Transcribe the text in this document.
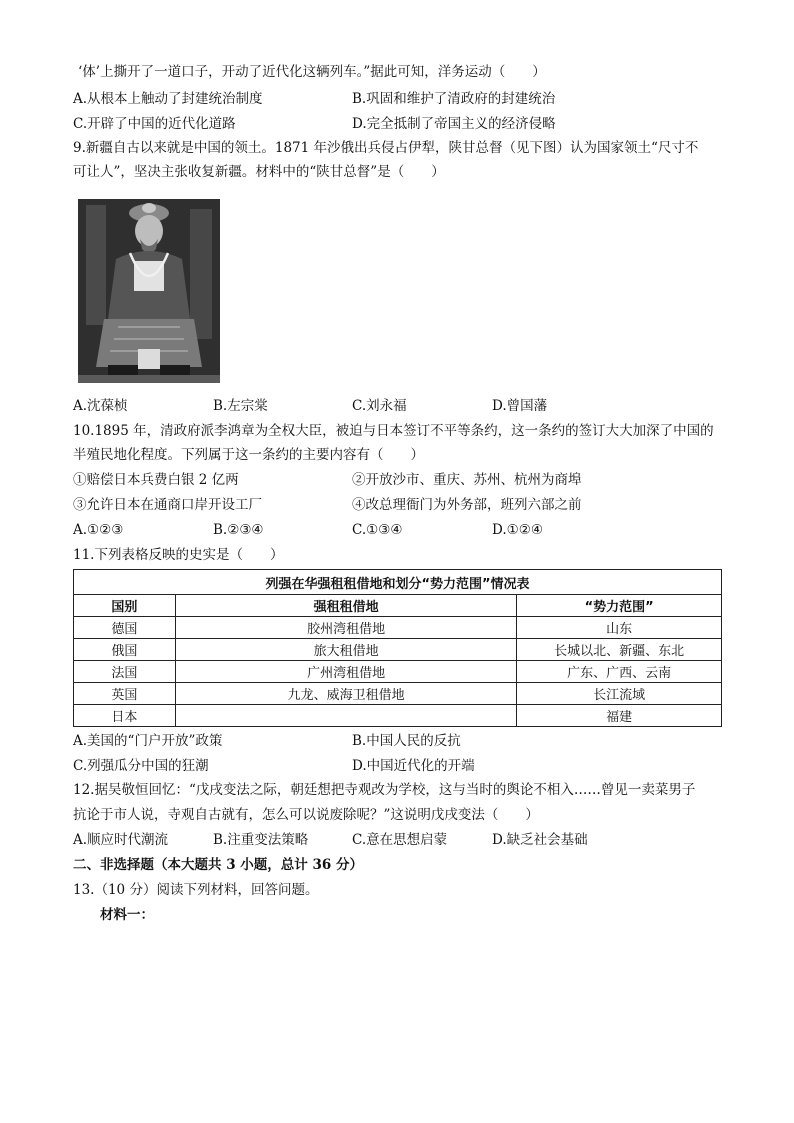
‘体’上撕开了一道口子，开动了近代化这辆列车。”据此可知，洋务运动（　　）
A.从根本上触动了封建统治制度	B.巩固和维护了清政府的封建统治
C.开辟了中国的近代化道路	D.完全抵制了帝国主义的经济侵略
9.新疆自古以来就是中国的领土。1871 年沙俄出兵侵占伊犁，陕甘总督（见下图）认为国家领土“尺寸不
可让人”，坚决主张收复新疆。材料中的“陕甘总督”是（　　）
A.沈葆桢	B.左宗棠	C.刘永福	D.曾国藩
10.1895 年，清政府派李鸿章为全权大臣，被迫与日本签订不平等条约，这一条约的签订大大加深了中国的
半殖民地化程度。下列属于这一条约的主要内容有（　　）
①赔偿日本兵费白银 2 亿两	②开放沙市、重庆、苏州、杭州为商埠
③允许日本在通商口岸开设工厂	④改总理衙门为外务部，班列六部之前
A.①②③	B.②③④	C.①③④	D.①②④
11.下列表格反映的史实是（　　）
列强在华强租租借地和划分“势力范围”情况表		
国别	强租租借地	“势力范围”
德国	胶州湾租借地	山东
俄国	旅大租借地	长城以北、新疆、东北
法国	广州湾租借地	广东、广西、云南
英国	九龙、威海卫租借地	长江流域
日本		福建
A.美国的“门户开放”政策	B.中国人民的反抗
C.列强瓜分中国的狂潮	D.中国近代化的开端
12.据吴敬恒回忆：“戊戌变法之际，朝廷想把寺观改为学校，这与当时的舆论不相入……曾见一卖菜男子
抗论于市人说，寺观自古就有，怎么可以说废除呢？”这说明戊戌变法（　　）
A.顺应时代潮流	B.注重变法策略	C.意在思想启蒙	D.缺乏社会基础
二、非选择题（本大题共 3 小题，总计 36 分）
13.（10 分）阅读下列材料，回答问题。
材料一：
